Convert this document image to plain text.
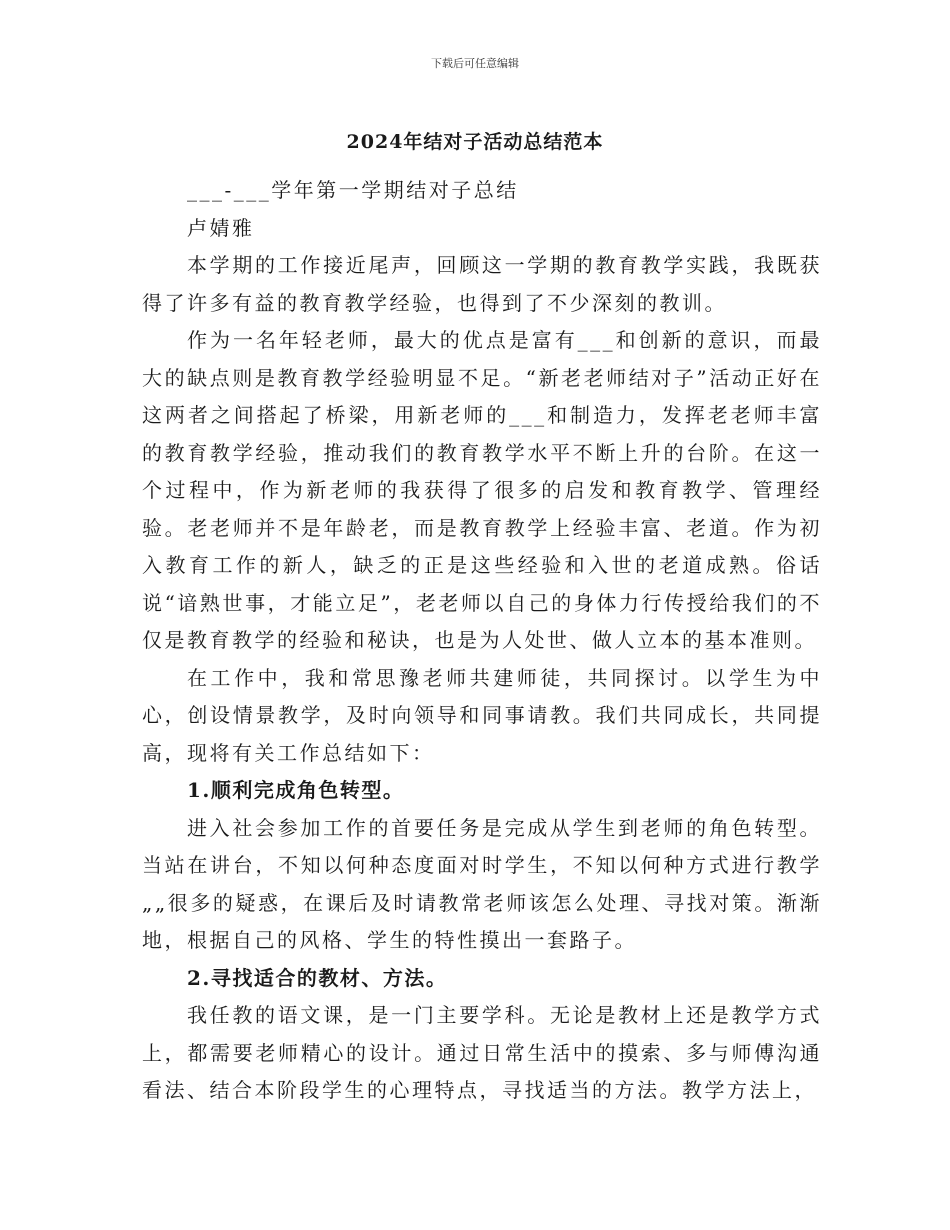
下载后可任意编辑
2024年结对子活动总结范本

___-___学年第一学期结对子总结

卢婧雅

本学期的工作接近尾声，回顾这一学期的教育教学实践，我既获得了许多有益的教育教学经验，也得到了不少深刻的教训。

作为一名年轻老师，最大的优点是富有___和创新的意识，而最大的缺点则是教育教学经验明显不足。“新老老师结对子”活动正好在这两者之间搭起了桥梁，用新老师的___和制造力，发挥老老师丰富的教育教学经验，推动我们的教育教学水平不断上升的台阶。在这一个过程中，作为新老师的我获得了很多的启发和教育教学、管理经验。老老师并不是年龄老，而是教育教学上经验丰富、老道。作为初入教育工作的新人，缺乏的正是这些经验和入世的老道成熟。俗话说“谙熟世事，才能立足”，老老师以自己的身体力行传授给我们的不仅是教育教学的经验和秘诀，也是为人处世、做人立本的基本准则。

在工作中，我和常思豫老师共建师徒，共同探讨。以学生为中心，创设情景教学，及时向领导和同事请教。我们共同成长，共同提高，现将有关工作总结如下：

1.顺利完成角色转型。

进入社会参加工作的首要任务是完成从学生到老师的角色转型。当站在讲台，不知以何种态度面对时学生，不知以何种方式进行教学„„很多的疑惑，在课后及时请教常老师该怎么处理、寻找对策。渐渐地，根据自己的风格、学生的特性摸出一套路子。

2.寻找适合的教材、方法。

我任教的语文课，是一门主要学科。无论是教材上还是教学方式上，都需要老师精心的设计。通过日常生活中的摸索、多与师傅沟通看法、结合本阶段学生的心理特点，寻找适当的方法。教学方法上，
